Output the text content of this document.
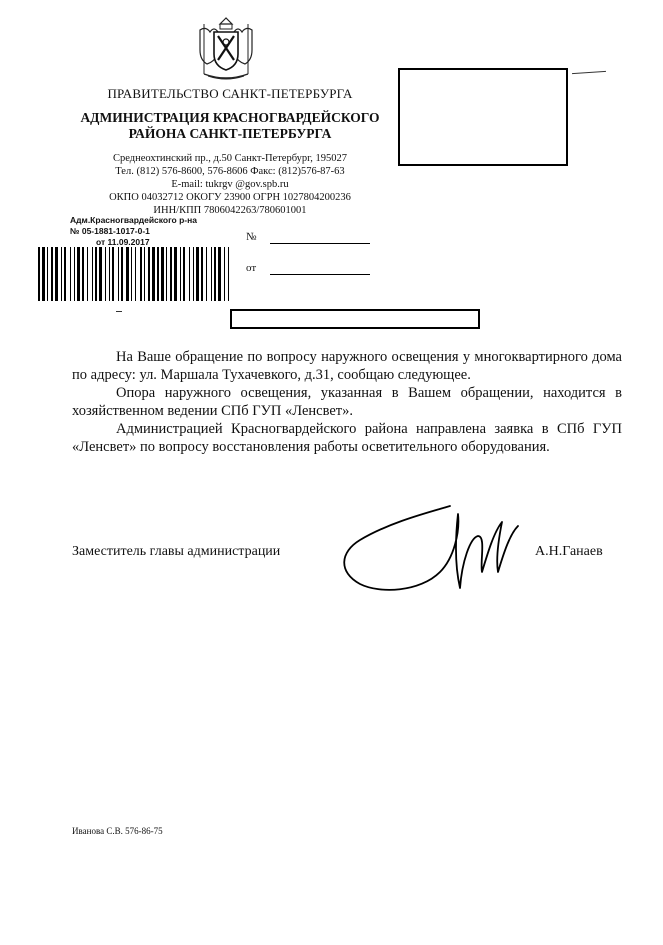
ПРАВИТЕЛЬСТВО САНКТ-ПЕТЕРБУРГА
АДМИНИСТРАЦИЯ КРАСНОГВАРДЕЙСКОГО
РАЙОНА САНКТ-ПЕТЕРБУРГА
Среднеохтинский пр., д.50 Санкт-Петербург, 195027
Тел. (812) 576-8600, 576-8606 Факс: (812)576-87-63
E-mail: tukrgv @gov.spb.ru
ОКПО 04032712 ОКОГУ 23900 ОГРН 1027804200236
ИНН/КПП 7806042263/780601001
Адм.Красногвардейского р-на
№ 05-1881-1017-0-1
от 11.09.2017	№
от

На Ваше обращение по вопросу наружного освещения у многоквартирного дома по адресу: ул. Маршала Тухачевкого, д.31, сообщаю следующее.

Опора наружного освещения, указанная в Вашем обращении, находится в хозяйственном ведении СПб ГУП «Ленсвет».

Администрацией Красногвардейского района направлена заявка в СПб ГУП «Ленсвет» по вопросу восстановления работы осветительного оборудования.

Заместитель главы администрации	А.Н.Ганаев
Иванова С.В. 576-86-75
